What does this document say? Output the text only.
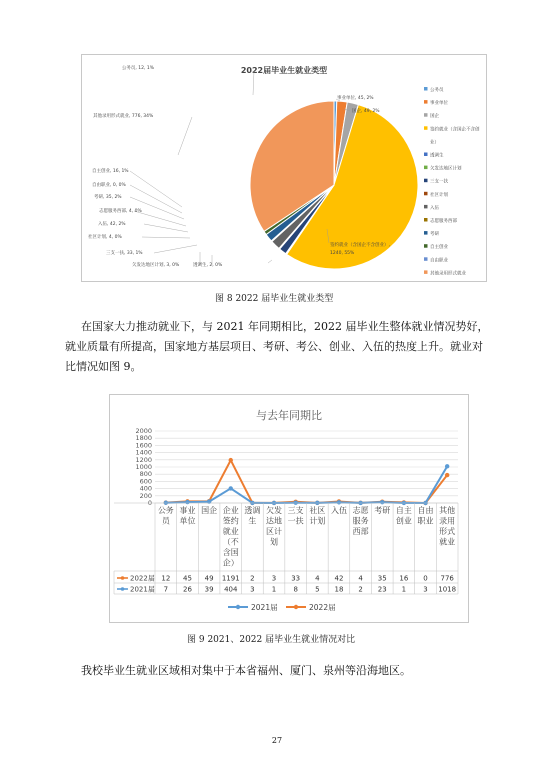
2022届毕业生就业类型
公务员, 12, 1%
事业单位, 45, 2%
国企, 49, 2%
签约就业（含国企不含创业）,
1240, 55%
透调生, 2, 0%
欠发达地区计划, 3, 0%
三支一扶, 33, 1%
社区计划, 4, 0%
入伍, 42, 2%
志愿服务西部, 4, 0%
考研, 35, 2%
自由职业, 0, 0%
自主创业, 16, 1%
其他录用形式就业, 776, 34%
公务员
事业单位
国企
签约就业（含国企不含创
业）
透调生
欠发达地区计划
三支一扶
社区计划
入伍
志愿服务西部
考研
自主创业
自由职业
其他录用形式就业
图 8 2022 届毕业生就业类型
在国家大力推动就业下，与 2021 年同期相比，2022 届毕业生整体就业情况势好，
就业质量有所提高，国家地方基层项目、考研、考公、创业、入伍的热度上升。就业对
比情况如图 9。
与去年同期比
0
200
400
600
800
1000
1200
1400
1600
1800
2000
公务
员
事业
单位
国企 企业
签约
就业
（不
含国
企）
透调
生
欠发
达地
区计
划
三支
一扶
社区
计划
入伍 志愿
服务
西部
考研 自主
创业
自由
职业
其他
录用
形式
就业
2022届 12 45 49 1191 2 3 33 4 42 4 35 16 0 776
2021届 7 26 39 404 3 1 8 5 18 2 23 1 3 1018
2021届	2022届
图 9 2021、2022 届毕业生就业情况对比
我校毕业生就业区域相对集中于本省福州、厦门、泉州等沿海地区。
27
